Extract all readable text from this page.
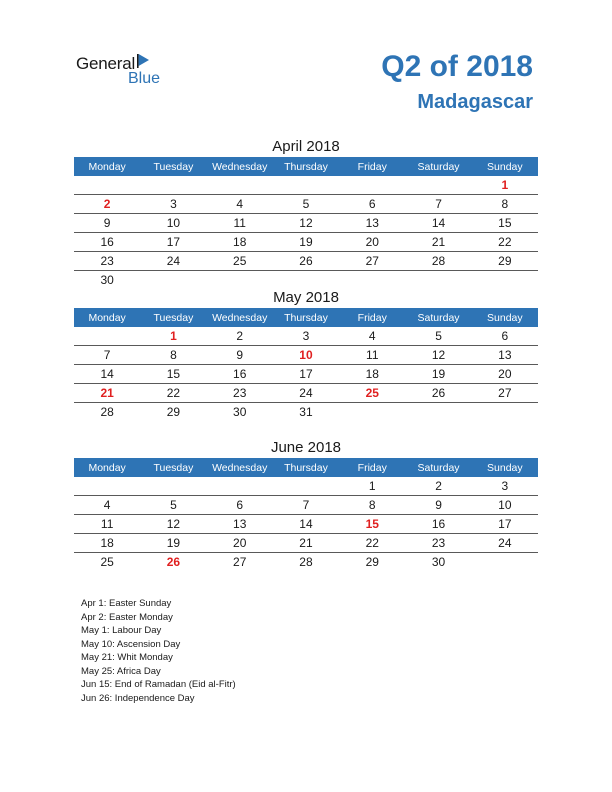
General
Blue	Q2 of 2018
Madagascar
April 2018
Monday	Tuesday	Wednesday	Thursday	Friday	Saturday	Sunday
						1
2	3	4	5	6	7	8
9	10	11	12	13	14	15
16	17	18	19	20	21	22
23	24	25	26	27	28	29
30						
May 2018
Monday	Tuesday	Wednesday	Thursday	Friday	Saturday	Sunday
	1	2	3	4	5	6
7	8	9	10	11	12	13
14	15	16	17	18	19	20
21	22	23	24	25	26	27
28	29	30	31			
June 2018
Monday	Tuesday	Wednesday	Thursday	Friday	Saturday	Sunday
				1	2	3
4	5	6	7	8	9	10
11	12	13	14	15	16	17
18	19	20	21	22	23	24
25	26	27	28	29	30	
Apr 1: Easter Sunday
Apr 2: Easter Monday
May 1: Labour Day
May 10: Ascension Day
May 21: Whit Monday
May 25: Africa Day
Jun 15: End of Ramadan (Eid al-Fitr)
Jun 26: Independence Day
